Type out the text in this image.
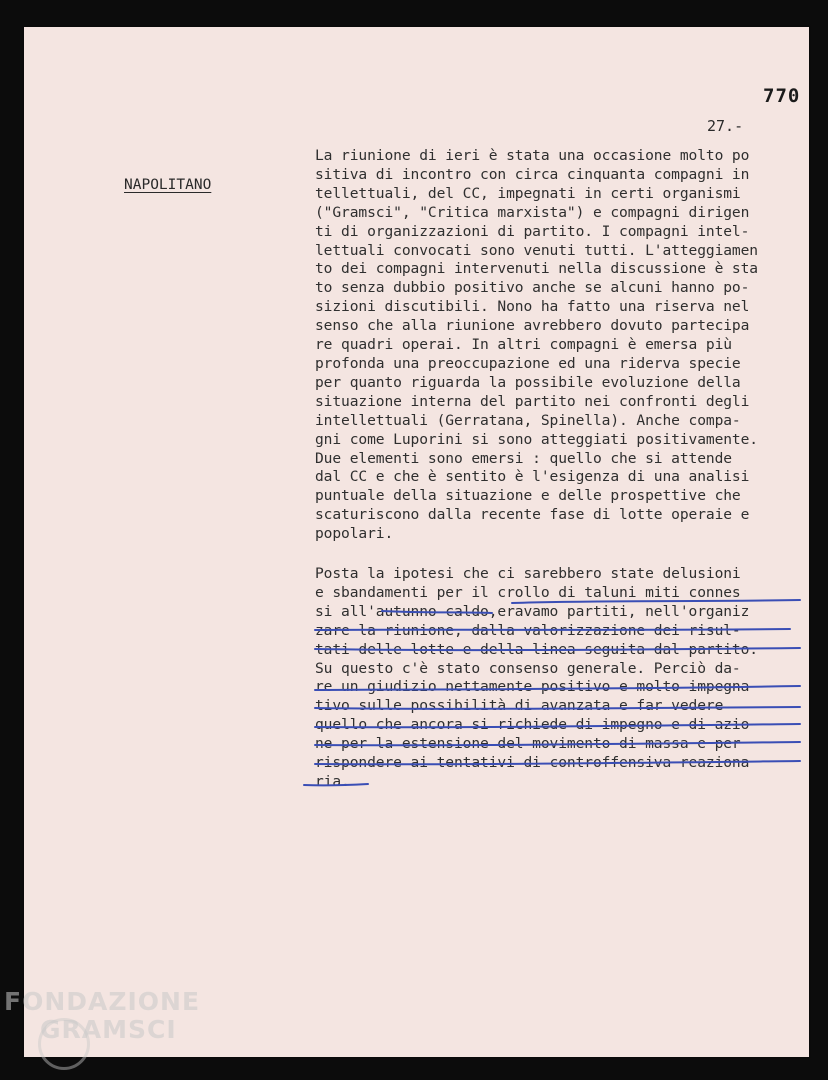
770
27.-
NAPOLITANO
La riunione di ieri è stata una occasione molto po
sitiva di incontro con circa cinquanta compagni in
tellettuali, del CC, impegnati in certi organismi
("Gramsci", "Critica marxista") e compagni dirigen
ti di organizzazioni di partito. I compagni intel-
lettuali convocati sono venuti tutti. L'atteggiamen
to dei compagni intervenuti nella discussione è sta
to senza dubbio positivo anche se alcuni hanno po-
sizioni discutibili. Nono ha fatto una riserva nel
senso che alla riunione avrebbero dovuto partecipa
re quadri operai. In altri compagni è emersa più
profonda una preoccupazione ed una riderva specie
per quanto riguarda la possibile evoluzione della
situazione interna del partito nei confronti degli
intellettuali (Gerratana, Spinella). Anche compa-
gni come Luporini si sono atteggiati positivamente.
Due elementi sono emersi : quello che si attende
dal CC e che è sentito è l'esigenza di una analisi
puntuale della situazione e delle prospettive che
scaturiscono dalla recente fase di lotte operaie e
popolari.
Posta la ipotesi che ci sarebbero state delusioni
e sbandamenti per il crollo di taluni miti connes
si all'autunno caldo,eravamo partiti, nell'organiz
zare la riunione, dalla valorizzazione dei risul-
tati delle lotte e della linea seguita dal partito.
Su questo c'è stato consenso generale. Perciò da-
re un giudizio nettamente positivo e molto impegna
tivo sulle possibilità di avanzata e far vedere
quello che ancora si richiede di impegno e di azio
ne per la estensione del movimento di massa e per
rispondere ai tentativi di controffensiva reaziona
ria.
FONDAZIONE
GRAMSCI
